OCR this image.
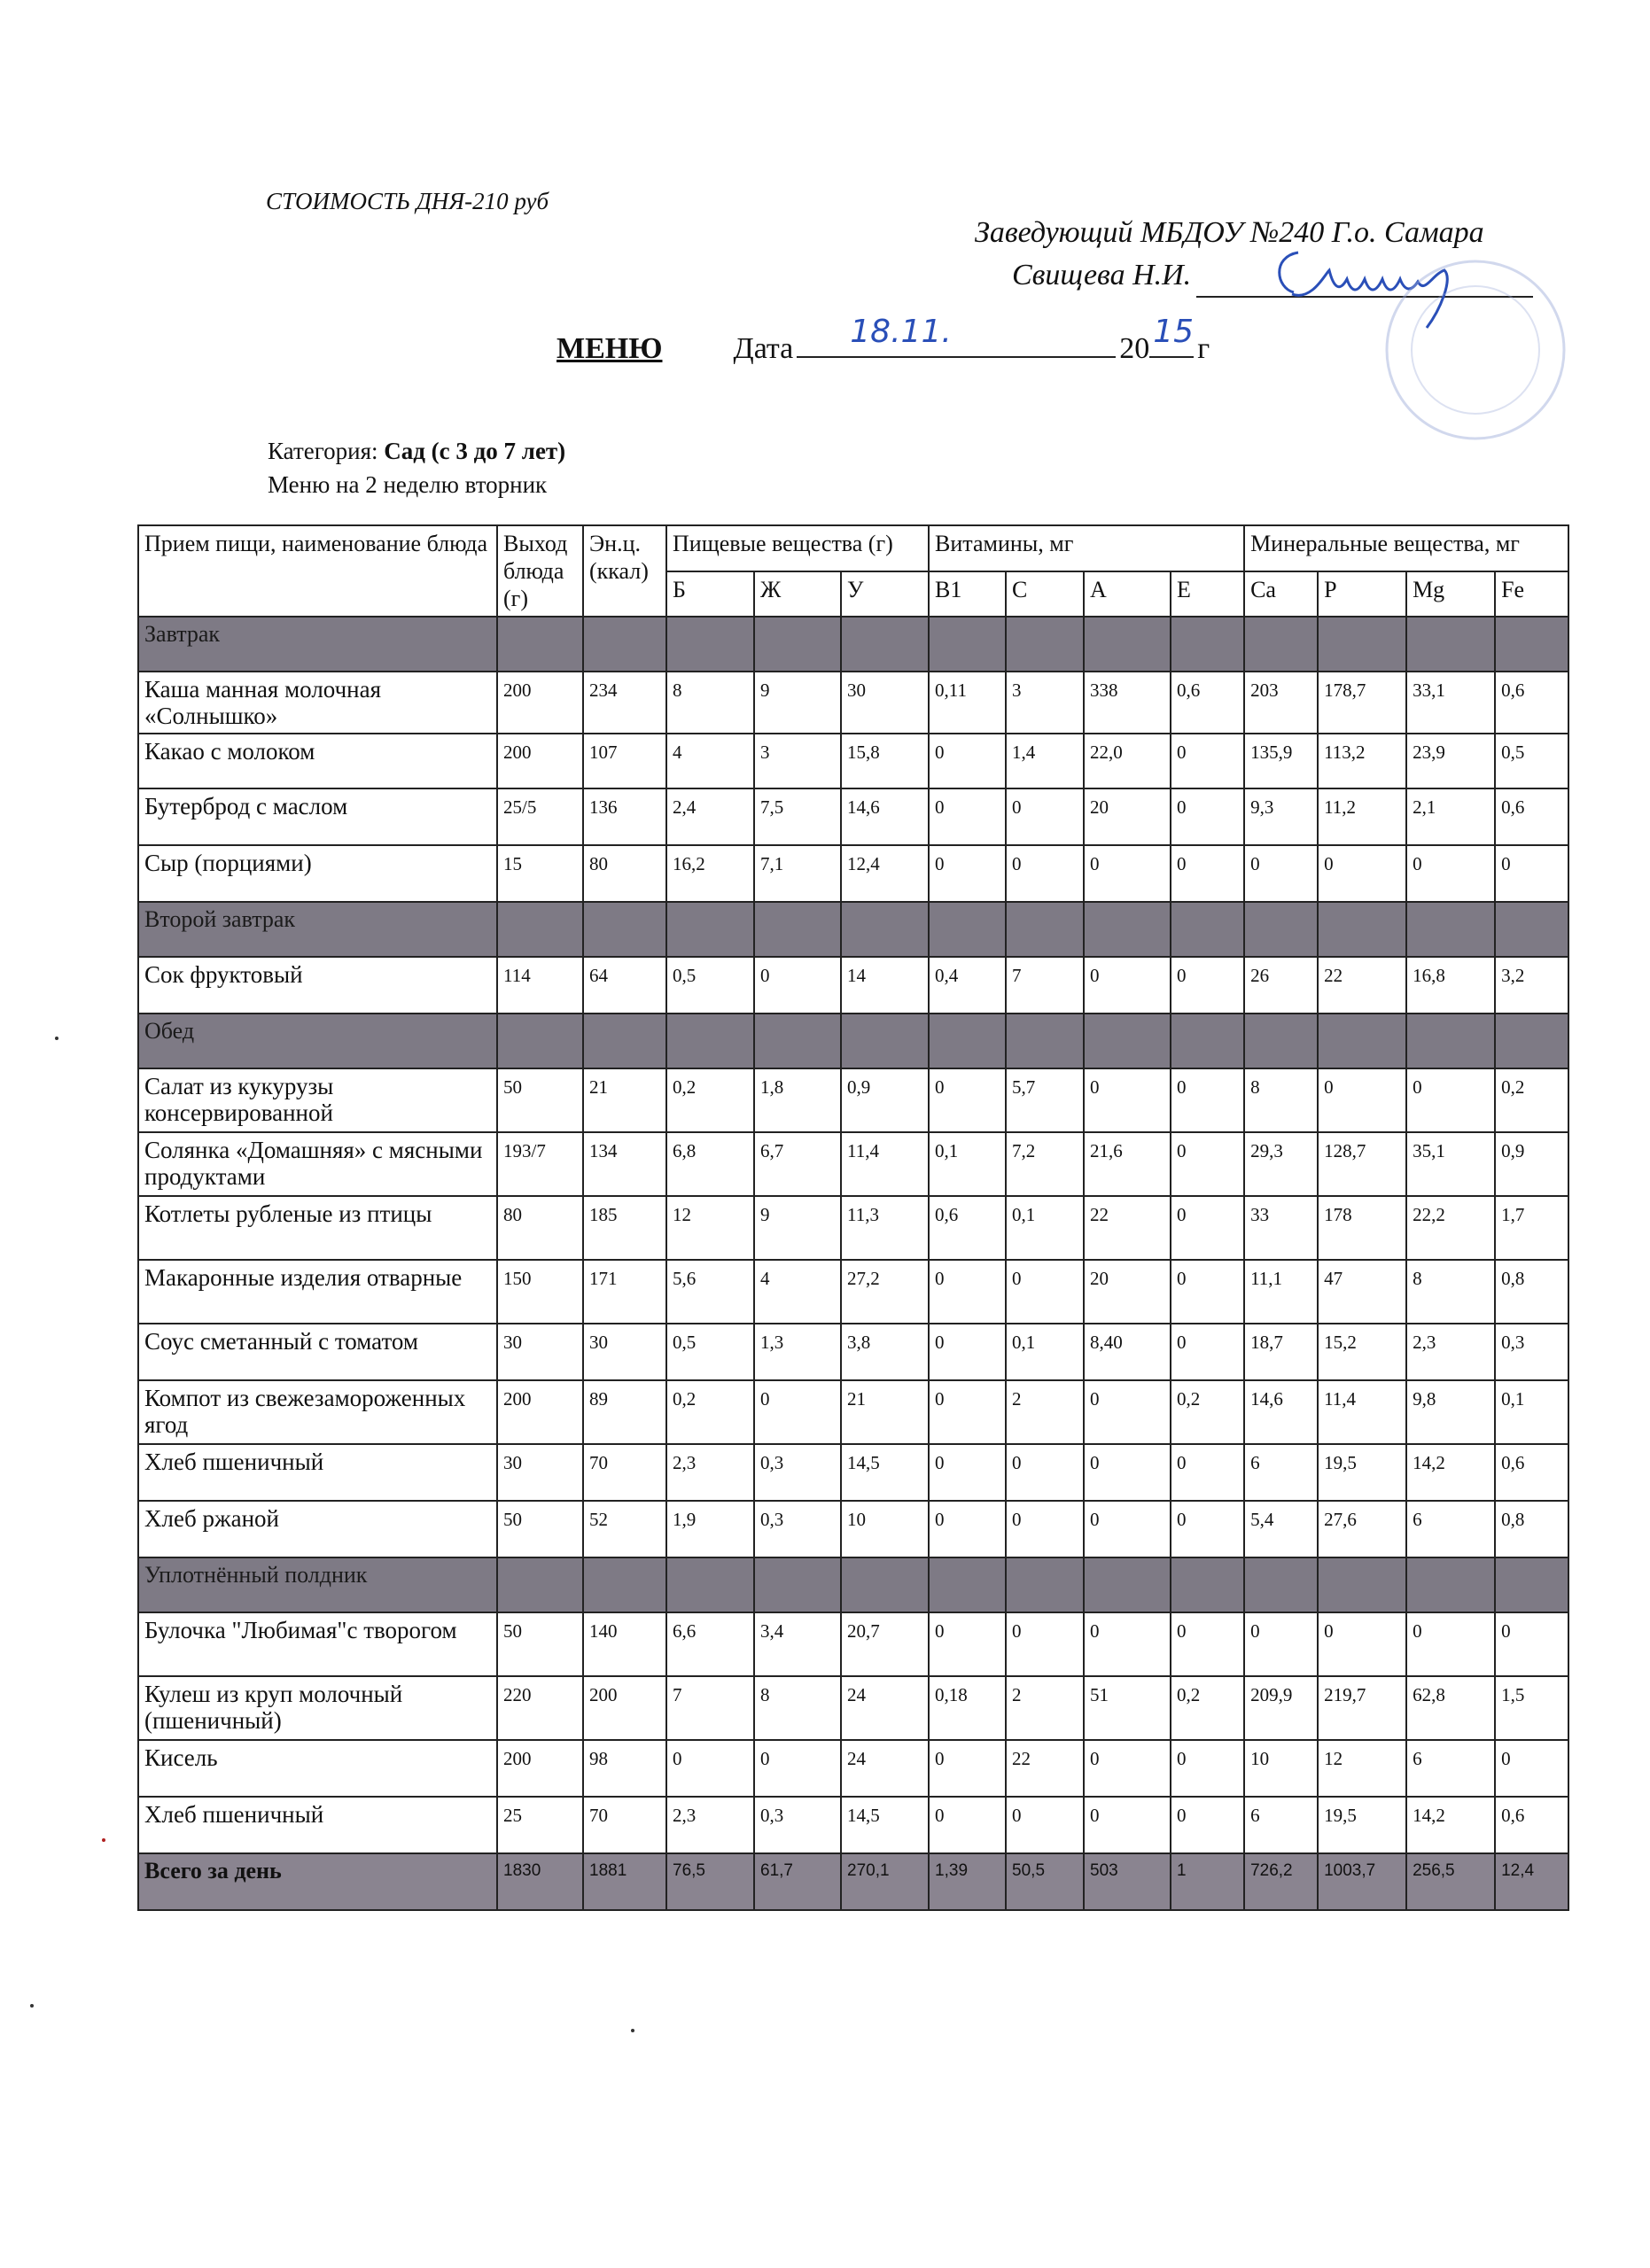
СТОИМОСТЬ ДНЯ-210 руб
Заведующий МБДОУ №240 Г.о. Самара
Свищева Н.И.
МЕНЮ Дата 18.11.	20 15 г
Категория: Сад (с 3 до 7 лет)
Меню на 2 неделю вторник
Прием пищи, наименование блюда	Выход блюда (г)	Эн.ц. (ккал)	Пищевые вещества (г)			Витамины, мг				Минеральные вещества, мг			
			Б	Ж	У	В1	С	А	Е	Ca	P	Mg	Fe
Завтрак													
Каша манная молочная «Солнышко»	200	234	8	9	30	0,11	3	338	0,6	203	178,7	33,1	0,6
Какао с молоком	200	107	4	3	15,8	0	1,4	22,0	0	135,9	113,2	23,9	0,5
Бутерброд с маслом	25/5	136	2,4	7,5	14,6	0	0	20	0	9,3	11,2	2,1	0,6
Сыр (порциями)	15	80	16,2	7,1	12,4	0	0	0	0	0	0	0	0
Второй завтрак													
Сок фруктовый	114	64	0,5	0	14	0,4	7	0	0	26	22	16,8	3,2
Обед													
Салат из кукурузы консервированной	50	21	0,2	1,8	0,9	0	5,7	0	0	8	0	0	0,2
Солянка «Домашняя» с мясными продуктами	193/7	134	6,8	6,7	11,4	0,1	7,2	21,6	0	29,3	128,7	35,1	0,9
Котлеты рубленые из птицы	80	185	12	9	11,3	0,6	0,1	22	0	33	178	22,2	1,7
Макаронные изделия отварные	150	171	5,6	4	27,2	0	0	20	0	11,1	47	8	0,8
Соус сметанный с томатом	30	30	0,5	1,3	3,8	0	0,1	8,40	0	18,7	15,2	2,3	0,3
Компот из свежезамороженных ягод	200	89	0,2	0	21	0	2	0	0,2	14,6	11,4	9,8	0,1
Хлеб пшеничный	30	70	2,3	0,3	14,5	0	0	0	0	6	19,5	14,2	0,6
Хлеб ржаной	50	52	1,9	0,3	10	0	0	0	0	5,4	27,6	6	0,8
Уплотнённый полдник													
Булочка "Любимая"с творогом	50	140	6,6	3,4	20,7	0	0	0	0	0	0	0	0
Кулеш из круп молочный (пшеничный)	220	200	7	8	24	0,18	2	51	0,2	209,9	219,7	62,8	1,5
Кисель	200	98	0	0	24	0	22	0	0	10	12	6	0
Хлеб пшеничный	25	70	2,3	0,3	14,5	0	0	0	0	6	19,5	14,2	0,6
Всего за день	1830	1881	76,5	61,7	270,1	1,39	50,5	503	1	726,2	1003,7	256,5	12,4
